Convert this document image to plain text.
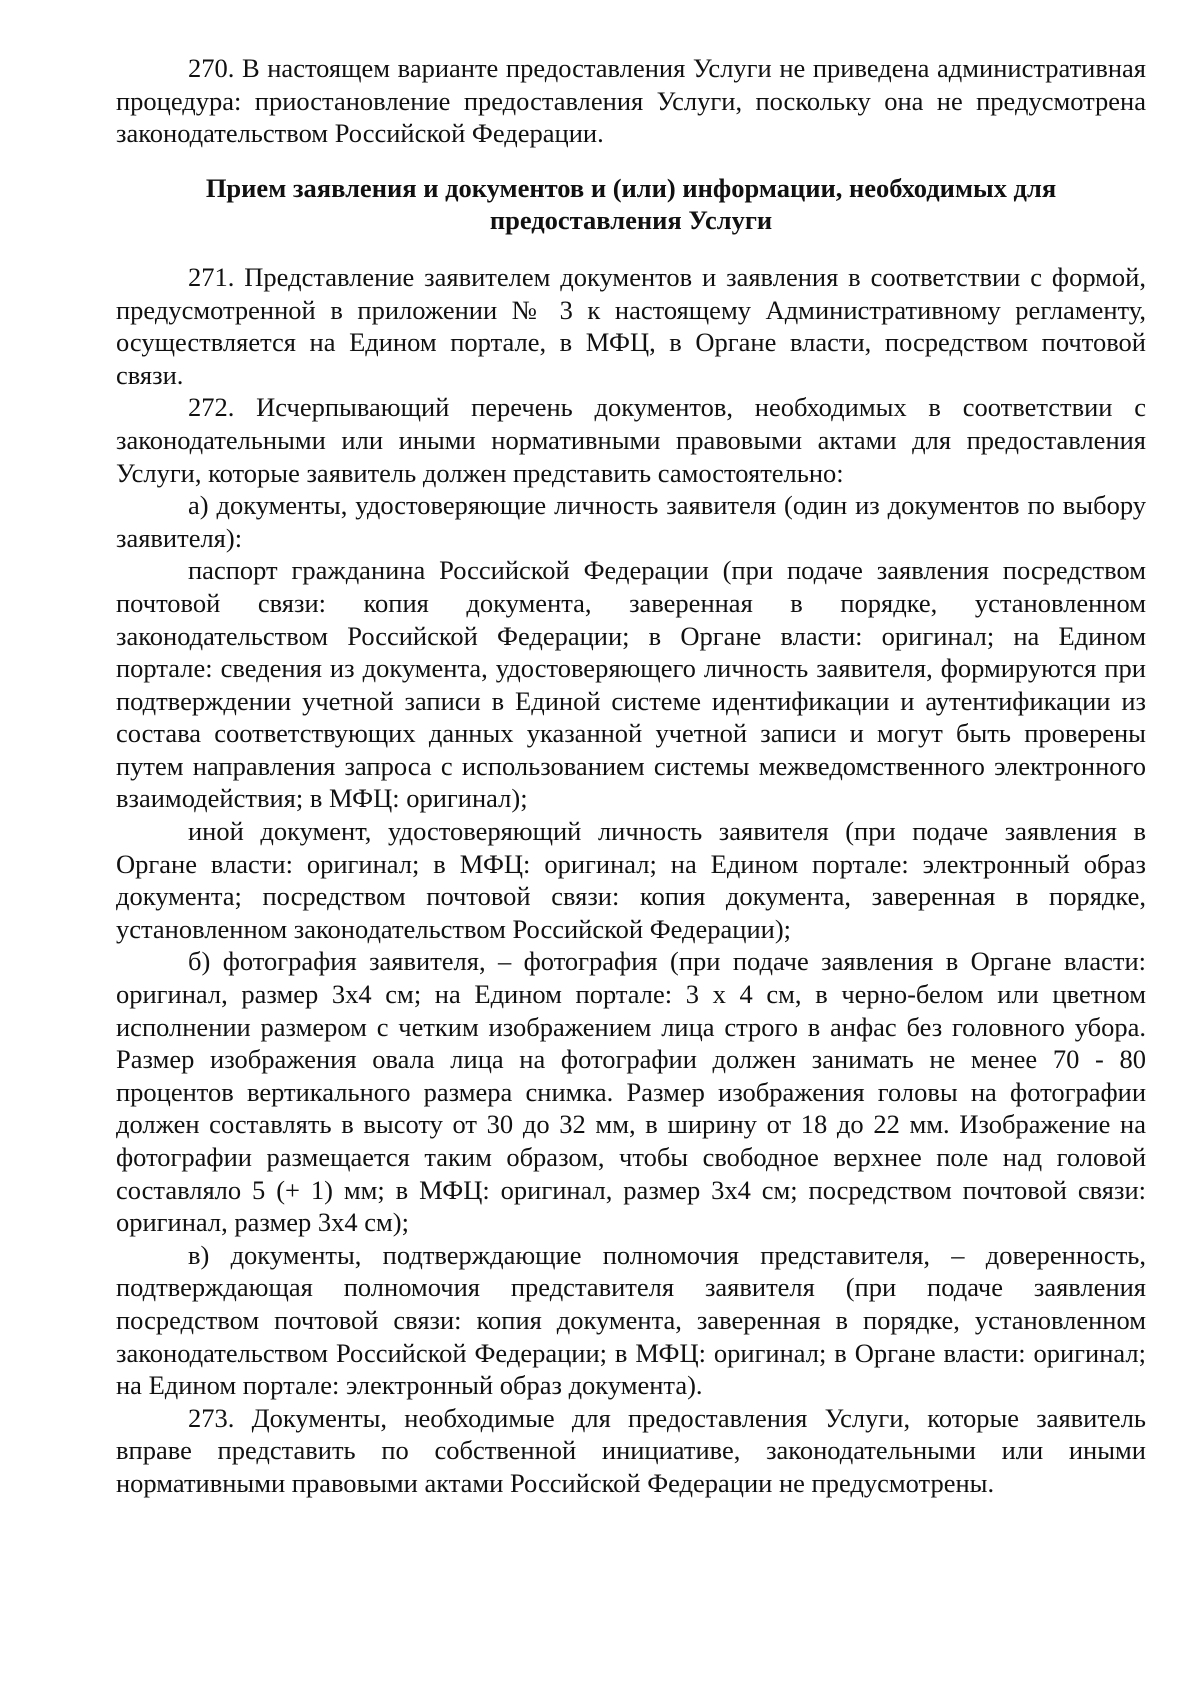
270. В настоящем варианте предоставления Услуги не приведена административная процедура: приостановление предоставления Услуги, поскольку она не предусмотрена законодательством Российской Федерации.

Прием заявления и документов и (или) информации, необходимых для
предоставления Услуги

271. Представление заявителем документов и заявления в соответствии с формой, предусмотренной в приложении № 3 к настоящему Административному регламенту, осуществляется на Едином портале, в МФЦ, в Органе власти, посредством почтовой связи.

272. Исчерпывающий перечень документов, необходимых в соответствии с законодательными или иными нормативными правовыми актами для предоставления Услуги, которые заявитель должен представить самостоятельно:

а) документы, удостоверяющие личность заявителя (один из документов по выбору заявителя):

паспорт гражданина Российской Федерации (при подаче заявления посредством почтовой связи: копия документа, заверенная в порядке, установленном законодательством Российской Федерации; в Органе власти: оригинал; на Едином портале: сведения из документа, удостоверяющего личность заявителя, формируются при подтверждении учетной записи в Единой системе идентификации и аутентификации из состава соответствующих данных указанной учетной записи и могут быть проверены путем направления запроса с использованием системы межведомственного электронного взаимодействия; в МФЦ: оригинал);

иной документ, удостоверяющий личность заявителя (при подаче заявления в Органе власти: оригинал; в МФЦ: оригинал; на Едином портале: электронный образ документа; посредством почтовой связи: копия документа, заверенная в порядке, установленном законодательством Российской Федерации);

б) фотография заявителя, – фотография (при подаче заявления в Органе власти: оригинал, размер 3x4 см; на Едином портале: 3 x 4 см, в черно-белом или цветном исполнении размером с четким изображением лица строго в анфас без головного убора. Размер изображения овала лица на фотографии должен занимать не менее 70 - 80 процентов вертикального размера снимка. Размер изображения головы на фотографии должен составлять в высоту от 30 до 32 мм, в ширину от 18 до 22 мм. Изображение на фотографии размещается таким образом, чтобы свободное верхнее поле над головой составляло 5 (+ 1) мм; в МФЦ: оригинал, размер 3x4 см; посредством почтовой связи: оригинал, размер 3x4 см);

в) документы, подтверждающие полномочия представителя, – доверенность, подтверждающая полномочия представителя заявителя (при подаче заявления посредством почтовой связи: копия документа, заверенная в порядке, установленном законодательством Российской Федерации; в МФЦ: оригинал; в Органе власти: оригинал; на Едином портале: электронный образ документа).

273. Документы, необходимые для предоставления Услуги, которые заявитель вправе представить по собственной инициативе, законодательными или иными нормативными правовыми актами Российской Федерации не предусмотрены.
